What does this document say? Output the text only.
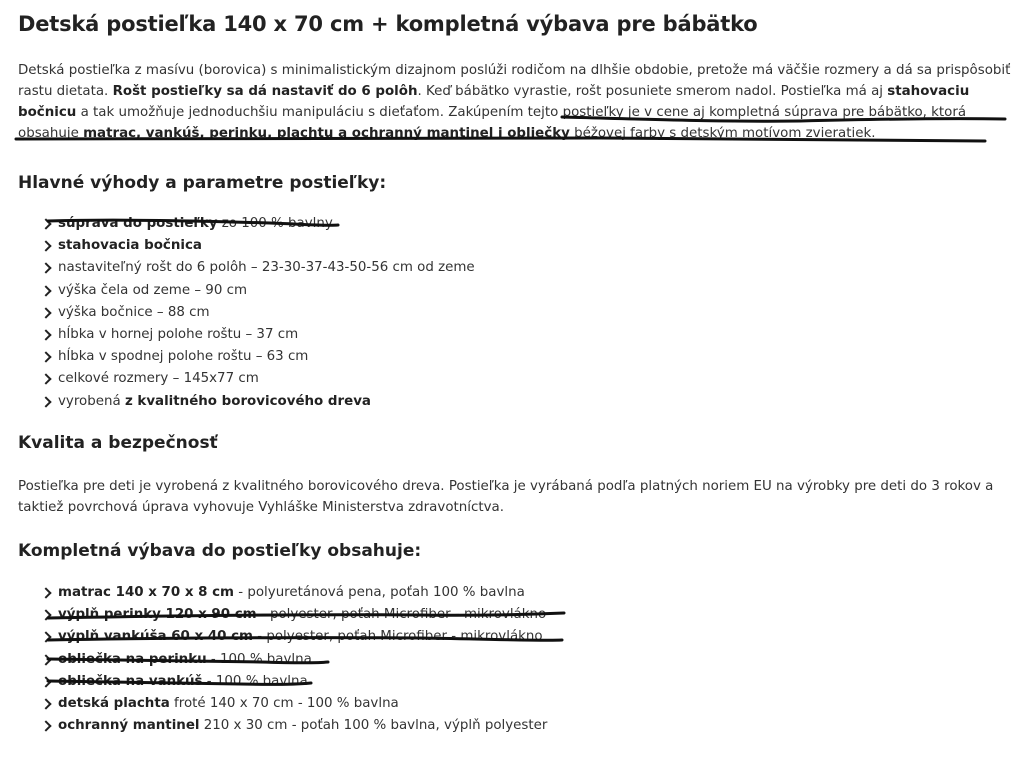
Detská postieľka 140 x 70 cm + kompletná výbava pre bábätko

Detská postieľka z masívu (borovica) s minimalistickým dizajnom poslúži rodičom na dlhšie obdobie, pretože má väčšie rozmery a dá sa prispôsobiť rastu dietata. Rošt postieľky sa dá nastaviť do 6 polôh. Keď bábätko vyrastie, rošt posuniete smerom nadol. Postieľka má aj stahovaciu bočnicu a tak umožňuje jednoduchšiu manipuláciu s dieťaťom. Zakúpením tejto postieľky je v cene aj kompletná súprava pre bábätko, ktorá obsahuje matrac, vankúš, perinku, plachtu a ochranný mantinel i obliečky béžovej farby s detským motívom zvieratiek.

Hlavné výhody a parametre postieľky:
súprava do postieľky zo 100 % bavlny
stahovacia bočnica
nastaviteľný rošt do 6 polôh – 23-30-37-43-50-56 cm od zeme
výška čela od zeme – 90 cm
výška bočnice – 88 cm
hĺbka v hornej polohe roštu – 37 cm
hĺbka v spodnej polohe roštu – 63 cm
celkové rozmery – 145x77 cm
vyrobená z kvalitného borovicového dreva
Kvalita a bezpečnosť

Postieľka pre deti je vyrobená z kvalitného borovicového dreva. Postieľka je vyrábaná podľa platných noriem EU na výrobky pre deti do 3 rokov a taktiež povrchová úprava vyhovuje Vyhláške Ministerstva zdravotníctva.

Kompletná výbava do postieľky obsahuje:
matrac 140 x 70 x 8 cm - polyuretánová pena, poťah 100 % bavlna
výplň perinky 120 x 90 cm - polyester, poťah Microfiber - mikrovlákno
výplň vankúša 60 x 40 cm - polyester, poťah Microfiber - mikrovlákno
obliečka na perinku - 100 % bavlna
obliečka na vankúš - 100 % bavlna
detská plachta froté 140 x 70 cm - 100 % bavlna
ochranný mantinel 210 x 30 cm - poťah 100 % bavlna, výplň polyester
